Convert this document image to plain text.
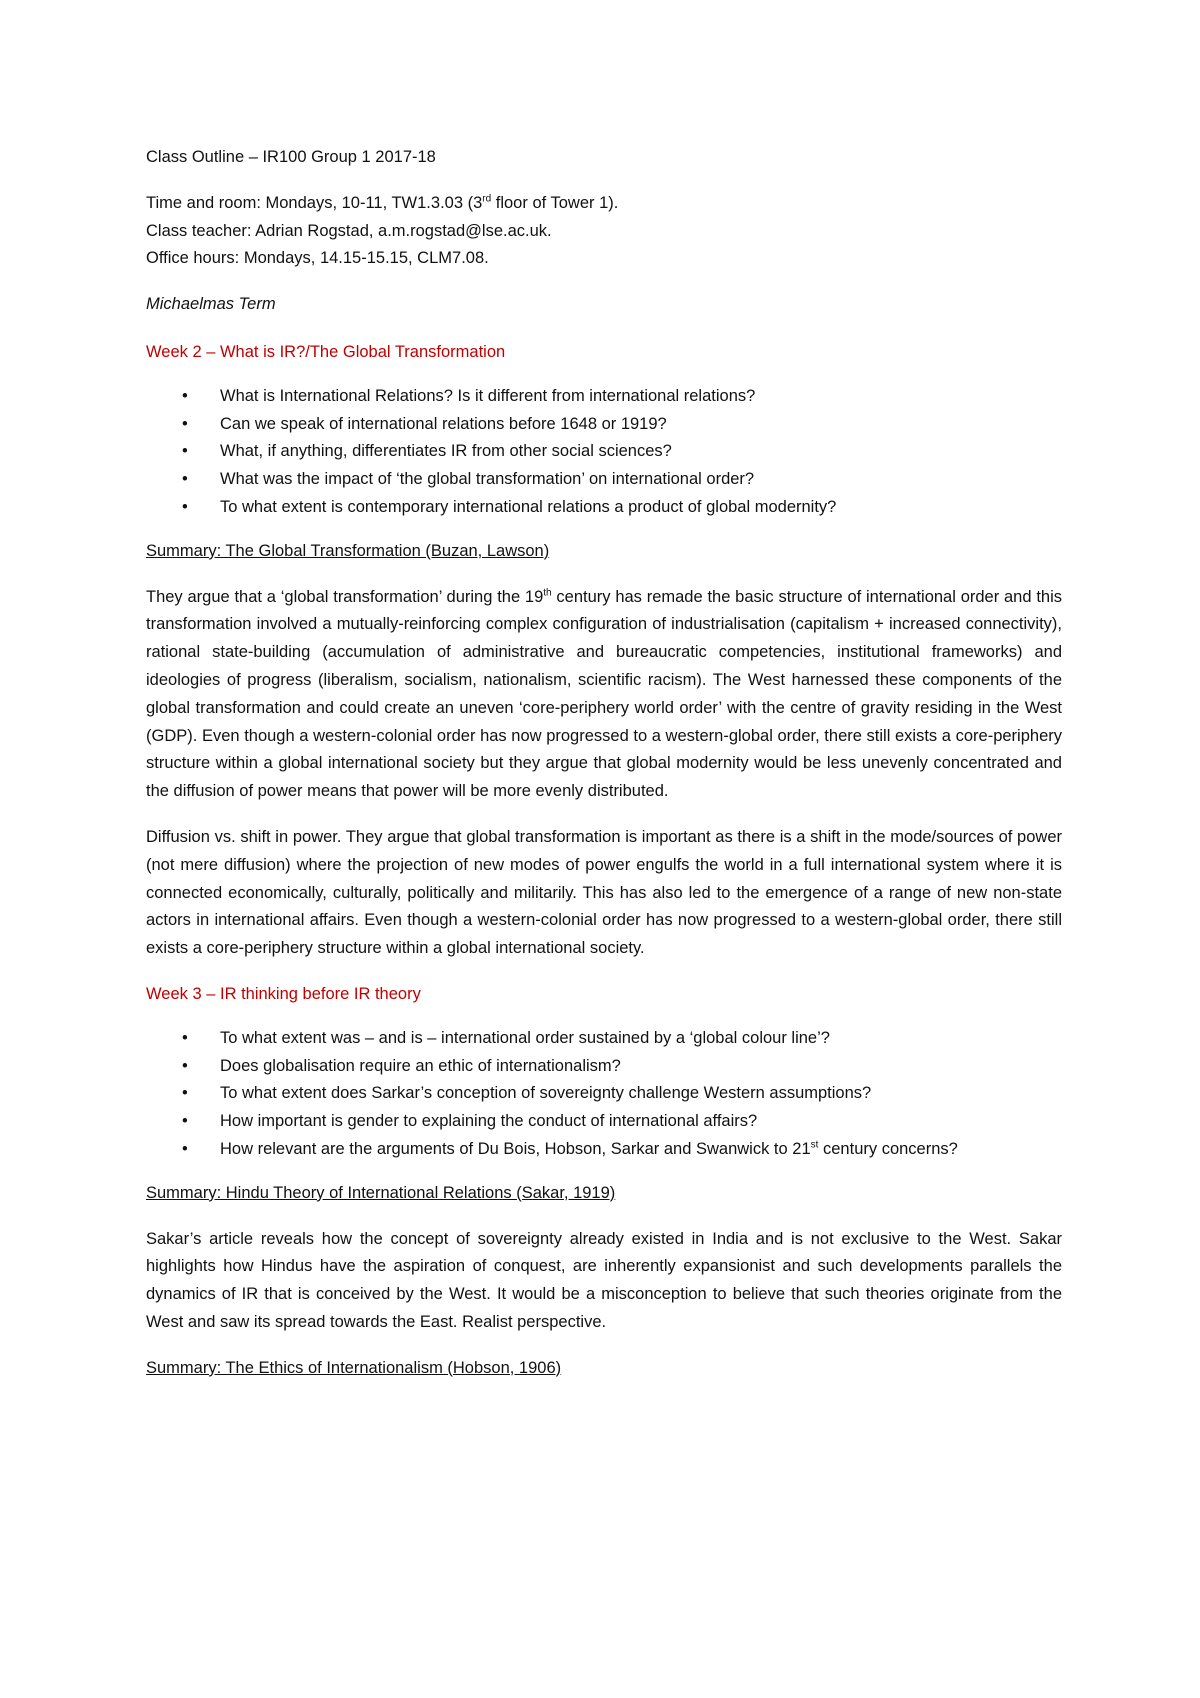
Class Outline – IR100 Group 1 2017-18

Time and room: Mondays, 10-11, TW1.3.03 (3rd floor of Tower 1).

Class teacher: Adrian Rogstad, a.m.rogstad@lse.ac.uk.

Office hours: Mondays, 14.15-15.15, CLM7.08.

Michaelmas Term

Week 2 – What is IR?/The Global Transformation

• What is International Relations? Is it different from international relations?
• Can we speak of international relations before 1648 or 1919?
• What, if anything, differentiates IR from other social sciences?
• What was the impact of ‘the global transformation’ on international order?
• To what extent is contemporary international relations a product of global modernity?

Summary: The Global Transformation (Buzan, Lawson)

They argue that a ‘global transformation’ during the 19th century has remade the basic structure of international order and this transformation involved a mutually-reinforcing complex configuration of industrialisation (capitalism + increased connectivity), rational state-building (accumulation of administrative and bureaucratic competencies, institutional frameworks) and ideologies of progress (liberalism, socialism, nationalism, scientific racism). The West harnessed these components of the global transformation and could create an uneven ‘core-periphery world order’ with the centre of gravity residing in the West (GDP). Even though a western-colonial order has now progressed to a western-global order, there still exists a core-periphery structure within a global international society but they argue that global modernity would be less unevenly concentrated and the diffusion of power means that power will be more evenly distributed.

Diffusion vs. shift in power. They argue that global transformation is important as there is a shift in the mode/sources of power (not mere diffusion) where the projection of new modes of power engulfs the world in a full international system where it is connected economically, culturally, politically and militarily. This has also led to the emergence of a range of new non-state actors in international affairs. Even though a western-colonial order has now progressed to a western-global order, there still exists a core-periphery structure within a global international society.

Week 3 – IR thinking before IR theory

• To what extent was – and is – international order sustained by a ‘global colour line’?
• Does globalisation require an ethic of internationalism?
• To what extent does Sarkar’s conception of sovereignty challenge Western assumptions?
• How important is gender to explaining the conduct of international affairs?
• How relevant are the arguments of Du Bois, Hobson, Sarkar and Swanwick to 21st century concerns?

Summary: Hindu Theory of International Relations (Sakar, 1919)

Sakar’s article reveals how the concept of sovereignty already existed in India and is not exclusive to the West. Sakar highlights how Hindus have the aspiration of conquest, are inherently expansionist and such developments parallels the dynamics of IR that is conceived by the West. It would be a misconception to believe that such theories originate from the West and saw its spread towards the East. Realist perspective.

Summary: The Ethics of Internationalism (Hobson, 1906)
